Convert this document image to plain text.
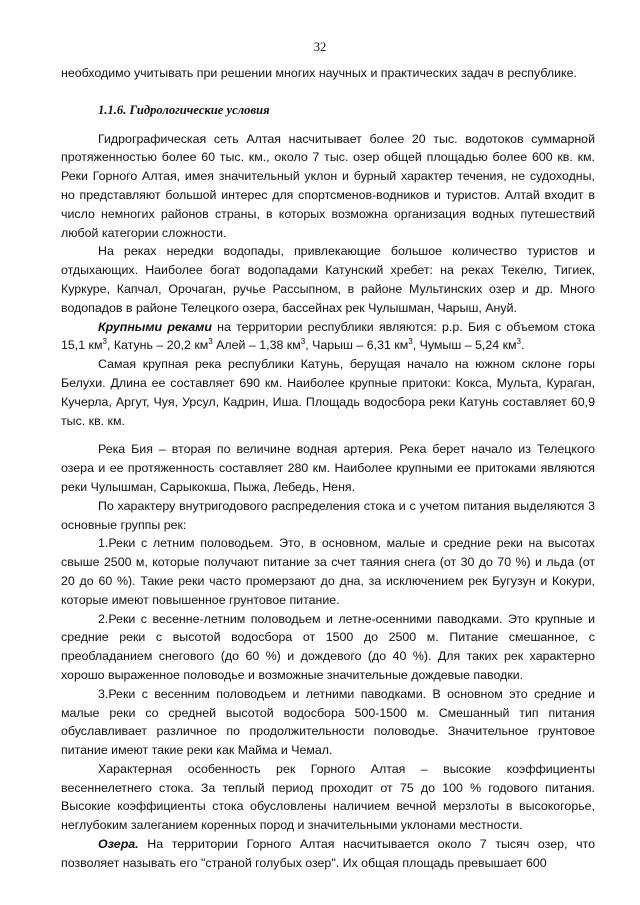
32

необходимо учитывать при решении многих научных и практических задач в республике.

1.1.6. Гидрологические условия

Гидрографическая сеть Алтая насчитывает более 20 тыс. водотоков суммарной протяженностью более 60 тыс. км., около 7 тыс. озер общей площадью более 600 кв. км. Реки Горного Алтая, имея значительный уклон и бурный характер течения, не судоходны, но представляют большой интерес для спортсменов-водников и туристов. Алтай входит в число немногих районов страны, в которых возможна организация водных путешествий любой категории сложности.

На реках нередки водопады, привлекающие большое количество туристов и отдыхающих. Наиболее богат водопадами Катунский хребет: на реках Текелю, Тигиек, Куркуре, Капчал, Орочаган, ручье Рассыпном, в районе Мультинских озер и др. Много водопадов в районе Телецкого озера, бассейнах рек Чулышман, Чарыш, Ануй.

Крупными реками на территории республики являются: р.р. Бия с объемом стока 15,1 $км^3$, Катунь – 20,2 $км^3$ Алей – 1,38 $км^3$, Чарыш – 6,31 $км^3$, Чумыш – 5,24 $км^3$.

Самая крупная река республики Катунь, берущая начало на южном склоне горы Белухи. Длина ее составляет 690 км. Наиболее крупные притоки: Кокса, Мульта, Кураган, Кучерла, Аргут, Чуя, Урсул, Кадрин, Иша. Площадь водосбора реки Катунь составляет 60,9 тыс. кв. км.

Река Бия – вторая по величине водная артерия. Река берет начало из Телецкого озера и ее протяженность составляет 280 км. Наиболее крупными ее притоками являются реки Чулышман, Сарыкокша, Пыжа, Лебедь, Неня.

По характеру внутригодового распределения стока и с учетом питания выделяются 3 основные группы рек:

1.Реки с летним половодьем. Это, в основном, малые и средние реки на высотах свыше 2500 м, которые получают питание за счет таяния снега (от 30 до 70 %) и льда (от 20 до 60 %). Такие реки часто промерзают до дна, за исключением рек Бугузун и Кокури, которые имеют повышенное грунтовое питание.

2.Реки с весенне-летним половодьем и летне-осенними паводками. Это крупные и средние реки с высотой водосбора от 1500 до 2500 м. Питание смешанное, с преобладанием снегового (до 60 %) и дождевого (до 40 %). Для таких рек характерно хорошо выраженное половодье и возможные значительные дождевые паводки.

3.Реки с весенним половодьем и летними паводками. В основном это средние и малые реки со средней высотой водосбора 500-1500 м. Смешанный тип питания обуславливает различное по продолжительности половодье. Значительное грунтовое питание имеют такие реки как Майма и Чемал.

Характерная особенность рек Горного Алтая – высокие коэффициенты весеннелетнего стока. За теплый период проходит от 75 до 100 % годового питания. Высокие коэффициенты стока обусловлены наличием вечной мерзлоты в высокогорье, неглубоким залеганием коренных пород и значительными уклонами местности.

Озера. На территории Горного Алтая насчитывается около 7 тысяч озер, что позволяет называть его "страной голубых озер". Их общая площадь превышает 600
